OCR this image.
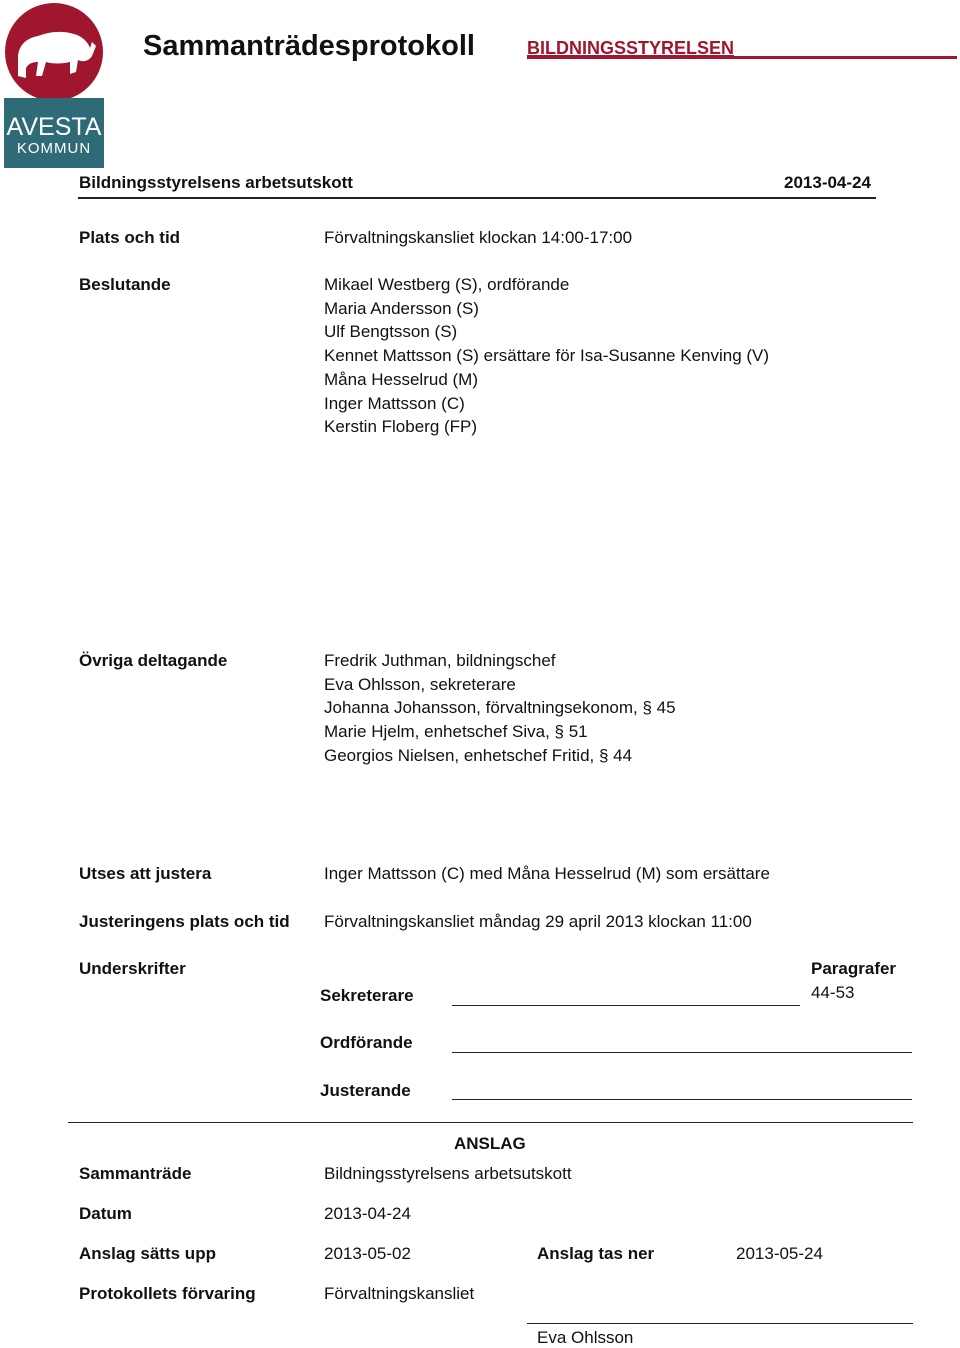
AVESTA
KOMMUN
Sammanträdesprotokoll	BILDNINGSSTYRELSEN
Bildningsstyrelsens arbetsutskott	2013-04-24
Plats och tid	Förvaltningskansliet klockan 14:00-17:00
Beslutande	Mikael Westberg (S), ordförande
Maria Andersson (S)
Ulf Bengtsson (S)
Kennet Mattsson (S) ersättare för Isa-Susanne Kenving (V)
Måna Hesselrud (M)
Inger Mattsson (C)
Kerstin Floberg (FP)
Övriga deltagande	Fredrik Juthman, bildningschef
Eva Ohlsson, sekreterare
Johanna Johansson, förvaltningsekonom, § 45
Marie Hjelm, enhetschef Siva, § 51
Georgios Nielsen, enhetschef Fritid, § 44
Utses att justera	Inger Mattsson (C) med Måna Hesselrud (M) som ersättare
Justeringens plats och tid Förvaltningskansliet måndag 29 april 2013 klockan 11:00
Underskrifter	Paragrafer
44-53
Sekreterare
Ordförande
Justerande
ANSLAG
Sammanträde	Bildningsstyrelsens arbetsutskott
Datum	2013-04-24
Anslag sätts upp	2013-05-02	Anslag tas ner	2013-05-24
Protokollets förvaring	Förvaltningskansliet
Eva Ohlsson
